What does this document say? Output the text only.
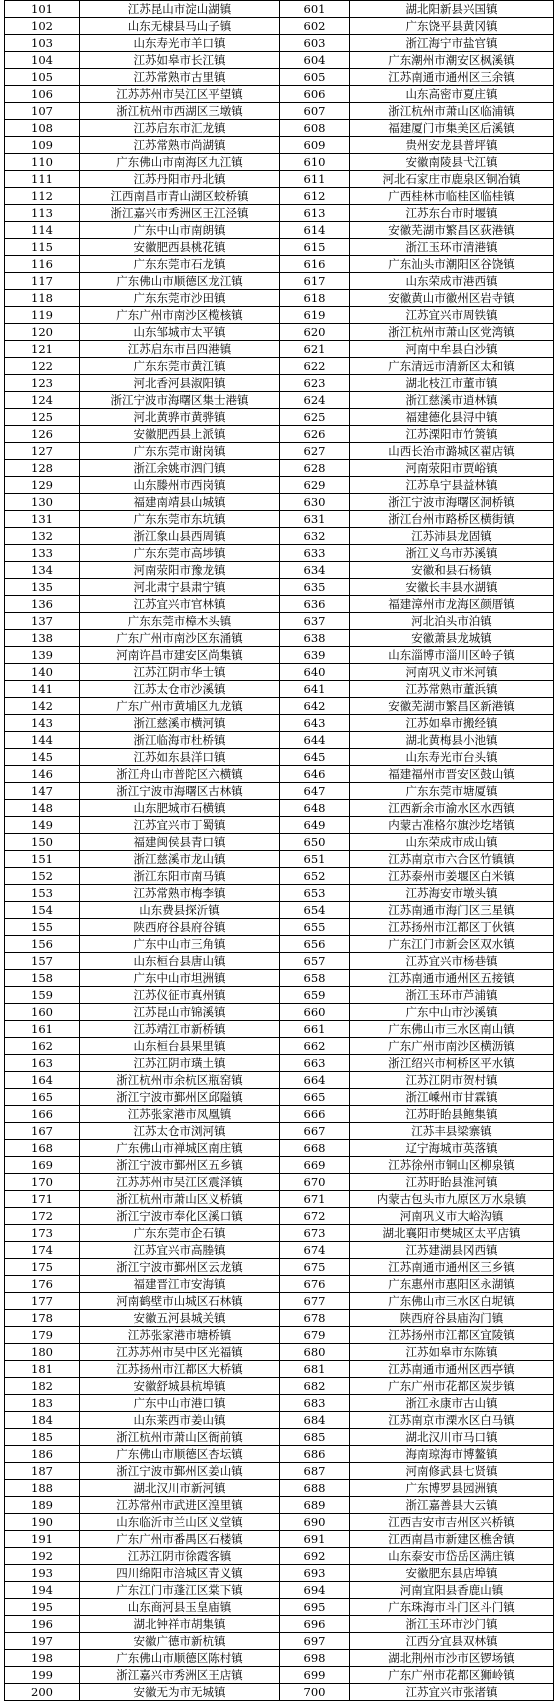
101	江苏昆山市淀山湖镇	601	湖北阳新县兴国镇
102	山东无棣县马山子镇	602	广东饶平县黄冈镇
103	山东寿光市羊口镇	603	浙江海宁市盐官镇
104	江苏如皋市长江镇	604	广东潮州市潮安区枫溪镇
105	江苏常熟市古里镇	605	江苏南通市通州区三余镇
106	江苏苏州市吴江区平望镇	606	山东高密市夏庄镇
107	浙江杭州市西湖区三墩镇	607	浙江杭州市萧山区临浦镇
108	江苏启东市汇龙镇	608	福建厦门市集美区后溪镇
109	江苏常熟市尚湖镇	609	贵州安龙县普坪镇
110	广东佛山市南海区九江镇	610	安徽南陵县弋江镇
111	江苏丹阳市丹北镇	611	河北石家庄市鹿泉区铜冶镇
112	江西南昌市青山湖区蛟桥镇	612	广西桂林市临桂区临桂镇
113	浙江嘉兴市秀洲区王江泾镇	613	江苏东台市时堰镇
114	广东中山市南朗镇	614	安徽芜湖市繁昌区荻港镇
115	安徽肥西县桃花镇	615	浙江玉环市清港镇
116	广东东莞市石龙镇	616	广东汕头市潮阳区谷饶镇
117	广东佛山市顺德区龙江镇	617	山东荣成市港西镇
118	广东东莞市沙田镇	618	安徽黄山市徽州区岩寺镇
119	广东广州市南沙区榄核镇	619	江苏宜兴市周铁镇
120	山东邹城市太平镇	620	浙江杭州市萧山区党湾镇
121	江苏启东市吕四港镇	621	河南中牟县白沙镇
122	广东东莞市黄江镇	622	广东清远市清新区太和镇
123	河北香河县淑阳镇	623	湖北枝江市董市镇
124	浙江宁波市海曙区集士港镇	624	浙江慈溪市逍林镇
125	河北黄骅市黄骅镇	625	福建德化县浔中镇
126	安徽肥西县上派镇	626	江苏溧阳市竹箦镇
127	广东东莞市谢岗镇	627	山西长治市潞城区翟店镇
128	浙江余姚市泗门镇	628	河南荥阳市贾峪镇
129	山东滕州市西岗镇	629	江苏阜宁县益林镇
130	福建南靖县山城镇	630	浙江宁波市海曙区洞桥镇
131	广东东莞市东坑镇	631	浙江台州市路桥区横街镇
132	浙江象山县西周镇	632	江苏沛县龙固镇
133	广东东莞市高埗镇	633	浙江义乌市苏溪镇
134	河南荥阳市豫龙镇	634	安徽和县石杨镇
135	河北肃宁县肃宁镇	635	安徽长丰县水湖镇
136	江苏宜兴市官林镇	636	福建漳州市龙海区颜厝镇
137	广东东莞市樟木头镇	637	河北泊头市泊镇
138	广东广州市南沙区东涌镇	638	安徽萧县龙城镇
139	河南许昌市建安区尚集镇	639	山东淄博市淄川区岭子镇
140	江苏江阴市华士镇	640	河南巩义市米河镇
141	江苏太仓市沙溪镇	641	江苏常熟市董浜镇
142	广东广州市黄埔区九龙镇	642	安徽芜湖市繁昌区新港镇
143	浙江慈溪市横河镇	643	江苏如皋市搬经镇
144	浙江临海市杜桥镇	644	湖北黄梅县小池镇
145	江苏如东县洋口镇	645	山东寿光市台头镇
146	浙江舟山市普陀区六横镇	646	福建福州市晋安区鼓山镇
147	浙江宁波市海曙区古林镇	647	广东东莞市塘厦镇
148	山东肥城市石横镇	648	江西新余市渝水区水西镇
149	江苏宜兴市丁蜀镇	649	内蒙古准格尔旗沙圪堵镇
150	福建闽侯县青口镇	650	山东荣成市成山镇
151	浙江慈溪市龙山镇	651	江苏南京市六合区竹镇镇
152	浙江东阳市南马镇	652	江苏泰州市姜堰区白米镇
153	江苏常熟市梅李镇	653	江苏海安市墩头镇
154	山东费县探沂镇	654	江苏南通市海门区三星镇
155	陕西府谷县府谷镇	655	江苏扬州市江都区丁伙镇
156	广东中山市三角镇	656	广东江门市新会区双水镇
157	山东桓台县唐山镇	657	江苏宜兴市杨巷镇
158	广东中山市坦洲镇	658	江苏南通市通州区五接镇
159	江苏仪征市真州镇	659	浙江玉环市芦浦镇
160	江苏昆山市锦溪镇	660	广东中山市沙溪镇
161	江苏靖江市新桥镇	661	广东佛山市三水区南山镇
162	山东桓台县果里镇	662	广东广州市南沙区横沥镇
163	江苏江阴市璜土镇	663	浙江绍兴市柯桥区平水镇
164	浙江杭州市余杭区瓶窑镇	664	江苏江阴市贺村镇
165	浙江宁波市鄞州区邱隘镇	665	浙江嵊州市甘霖镇
166	江苏张家港市凤凰镇	666	江苏盱眙县鲍集镇
167	江苏太仓市浏河镇	667	江苏丰县梁寨镇
168	广东佛山市禅城区南庄镇	668	辽宁海城市英落镇
169	浙江宁波市鄞州区五乡镇	669	江苏徐州市铜山区柳泉镇
170	江苏苏州市吴江区震泽镇	670	江苏盱眙县淮河镇
171	浙江杭州市萧山区义桥镇	671	内蒙古包头市九原区万水泉镇
172	浙江宁波市奉化区溪口镇	672	河南巩义市大峪沟镇
173	广东东莞市企石镇	673	湖北襄阳市樊城区太平店镇
174	江苏宜兴市高塍镇	674	江苏建湖县冈西镇
175	浙江宁波市鄞州区云龙镇	675	江苏南通市通州区三乡镇
176	福建晋江市安海镇	676	广东惠州市惠阳区永湖镇
177	河南鹤壁市山城区石林镇	677	广东佛山市三水区白坭镇
178	安徽五河县城关镇	678	陕西府谷县庙沟门镇
179	江苏张家港市塘桥镇	679	江苏扬州市江都区宜陵镇
180	江苏苏州市吴中区光福镇	680	江苏如皋市东陈镇
181	江苏扬州市江都区大桥镇	681	江苏南通市通州区西亭镇
182	安徽舒城县杭埠镇	682	广东广州市花都区炭步镇
183	广东中山市港口镇	683	浙江永康市古山镇
184	山东莱西市姜山镇	684	江苏南京市溧水区白马镇
185	浙江杭州市萧山区衙前镇	685	湖北汉川市马口镇
186	广东佛山市顺德区杏坛镇	686	海南琼海市博鳌镇
187	浙江宁波市鄞州区姜山镇	687	河南修武县七贤镇
188	湖北汉川市新河镇	688	广东博罗县园洲镇
189	江苏常州市武进区湟里镇	689	浙江嘉善县大云镇
190	山东临沂市兰山区义堂镇	690	江西吉安市吉州区兴桥镇
191	广东广州市番禺区石楼镇	691	江西南昌市新建区樵舍镇
192	江苏江阴市徐霞客镇	692	山东泰安市岱岳区满庄镇
193	四川绵阳市涪城区青义镇	693	安徽肥东县店埠镇
194	广东江门市蓬江区棠下镇	694	河南宜阳县香鹿山镇
195	山东商河县玉皇庙镇	695	广东珠海市斗门区斗门镇
196	湖北钟祥市胡集镇	696	浙江玉环市沙门镇
197	安徽广德市新杭镇	697	江西分宜县双林镇
198	广东佛山市顺德区陈村镇	698	湖北荆州市沙市区锣场镇
199	浙江嘉兴市秀洲区王店镇	699	广东广州市花都区狮岭镇
200	安徽无为市无城镇	700	江苏宜兴市张渚镇
